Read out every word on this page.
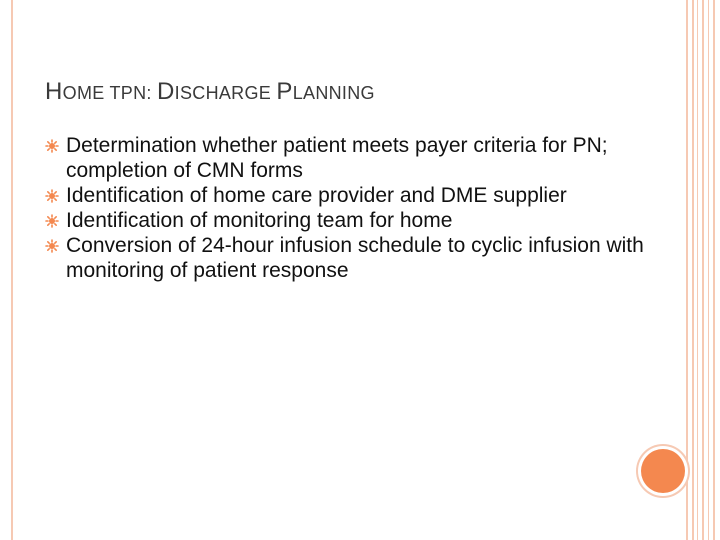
HOME TPN: DISCHARGE PLANNING
Determination whether patient meets payer criteria for PN; completion of CMN forms
Identification of home care provider and DME supplier
Identification of monitoring team for home
Conversion of 24-hour infusion schedule to cyclic infusion with monitoring of patient response
